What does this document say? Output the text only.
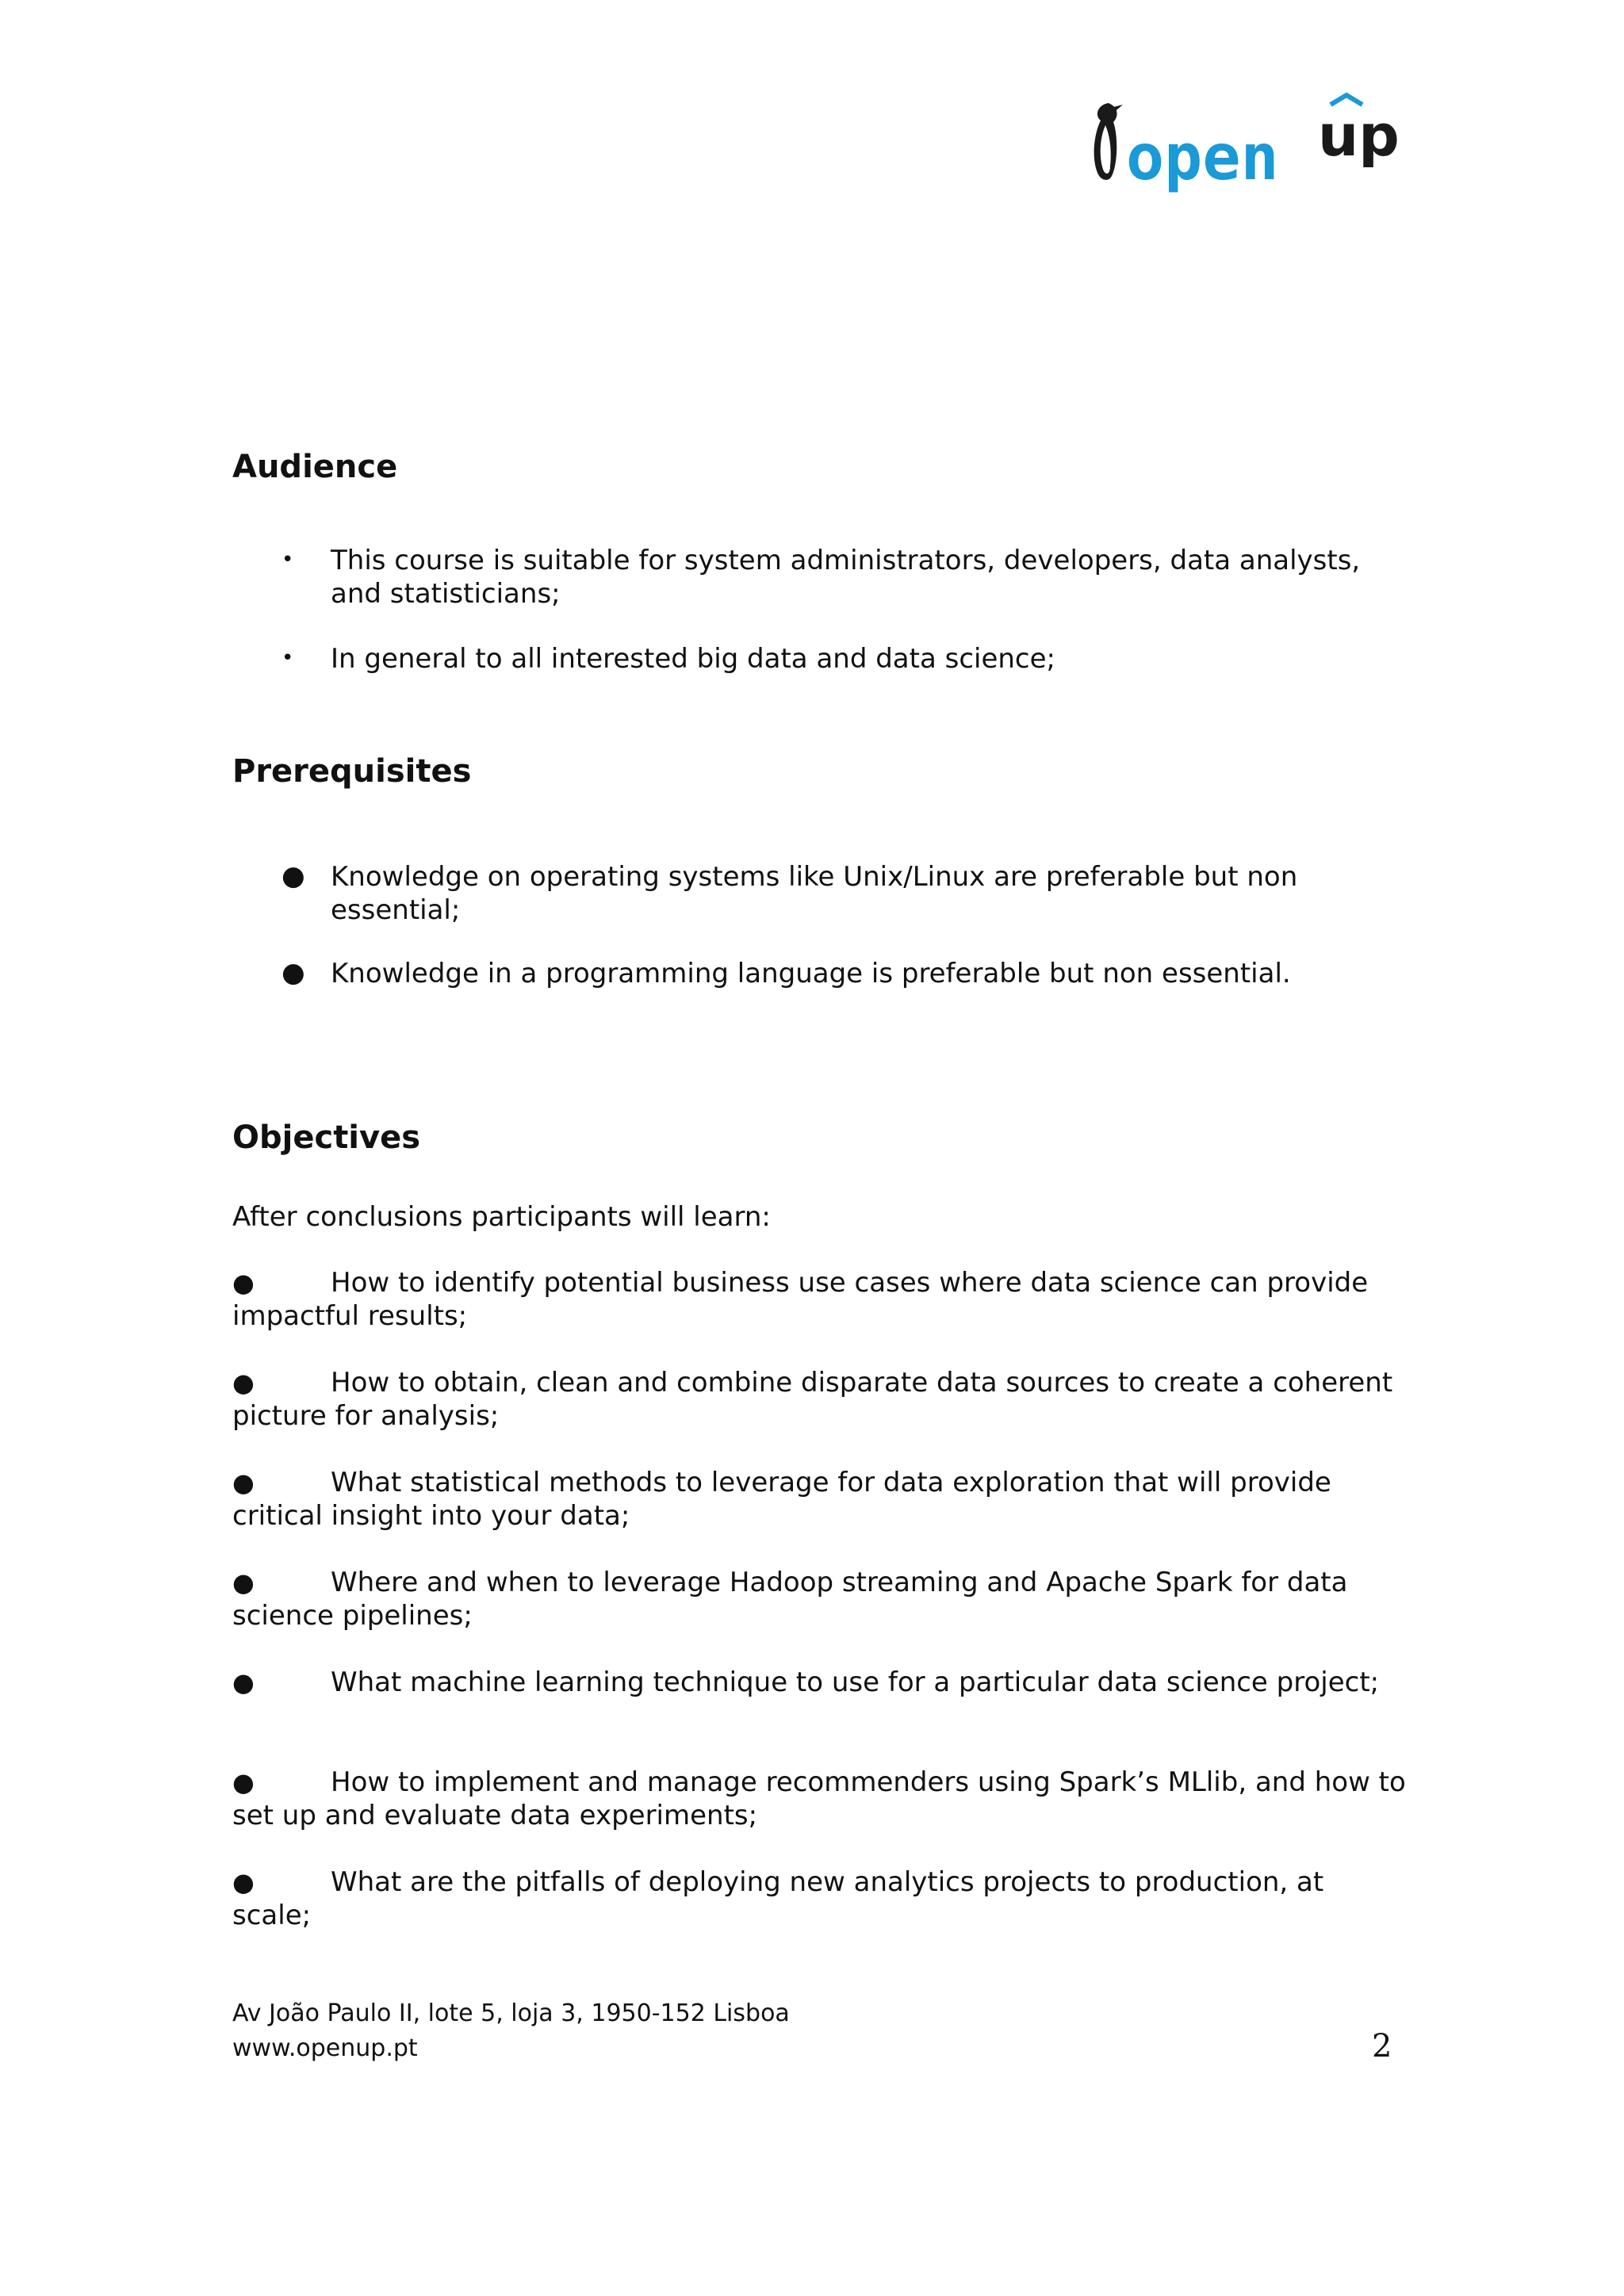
open up
Audience
• This course is suitable for system administrators, developers, data analysts, and statisticians;

• In general to all interested big data and data science;

Prerequisites
● Knowledge on operating systems like Unix/Linux are preferable but non essential;

● Knowledge in a programming language is preferable but non essential.

Objectives

After conclusions participants will learn:

●	How to identify potential business use cases where data science can provide impactful results;

●	How to obtain, clean and combine disparate data sources to create a coherent picture for analysis;

●	What statistical methods to leverage for data exploration that will provide critical insight into your data;

●	Where and when to leverage Hadoop streaming and Apache Spark for data science pipelines;

●	What machine learning technique to use for a particular data science project;

●	How to implement and manage recommenders using Spark’s MLlib, and how to set up and evaluate data experiments;

●	What are the pitfalls of deploying new analytics projects to production, at scale;

Av João Paulo II, lote 5, loja 3, 1950-152 Lisboa
www.openup.pt	2
